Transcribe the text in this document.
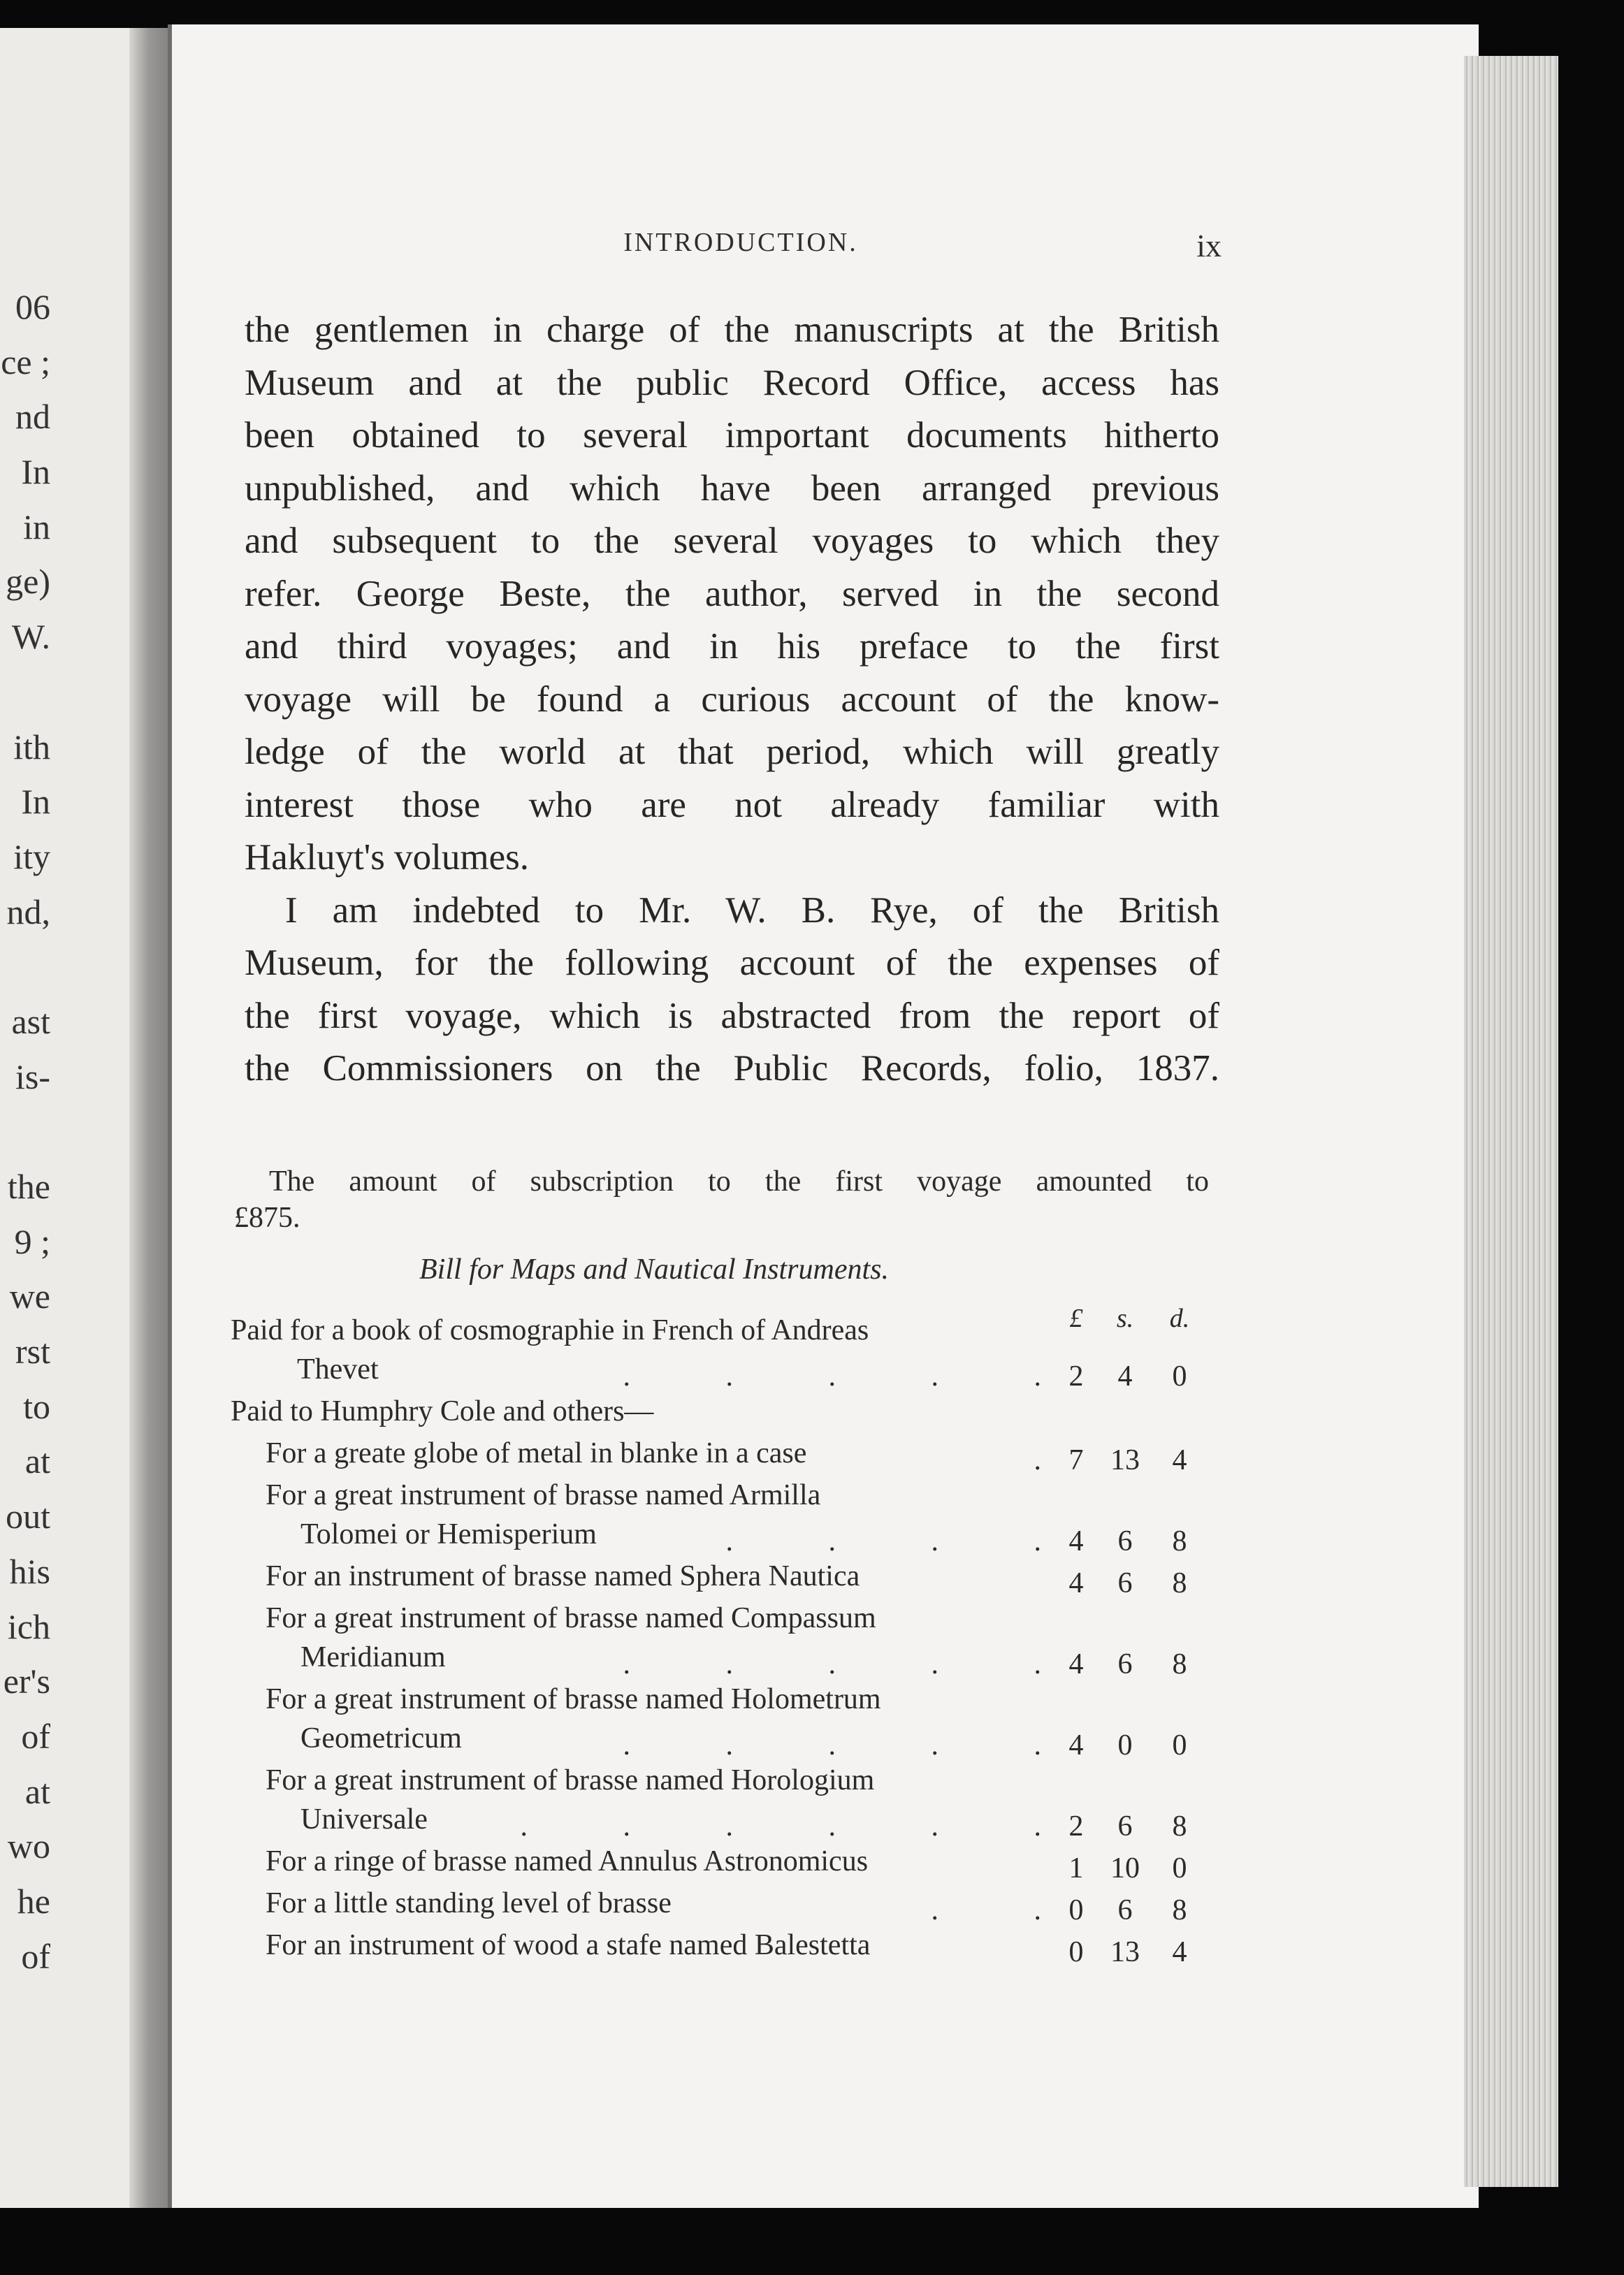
06
ce ;
nd
In
in
ge)
W.
ith
In
ity
nd,
ast
is-
the
9 ;
we
rst
to
at
out
his
ich
er's
of
at
wo
he
of
INTRODUCTION.	ix
the gentlemen in charge of the manuscripts at the British
Museum and at the public Record Office, access has
been obtained to several important documents hitherto
unpublished, and which have been arranged previous
and subsequent to the several voyages to which they
refer. George Beste, the author, served in the second
and third voyages; and in his preface to the first
voyage will be found a curious account of the know-
ledge of the world at that period, which will greatly
interest those who are not already familiar with
Hakluyt's volumes.
I am indebted to Mr. W. B. Rye, of the British
Museum, for the following account of the expenses of
the first voyage, which is abstracted from the report of
the Commissioners on the Public Records, folio, 1837.
The amount of subscription to the first voyage amounted to
£875.
Bill for Maps and Nautical Instruments.
£	s.	d.
Paid for a book of cosmographie in French of Andreas
Thevet	.             .             .             .             . 2	4	0
Paid to Humphry Cole and others—
For a greate globe of metal in blanke in a case	. 7 13	4
For a great instrument of brasse named Armilla
Tolomei or Hemisperium	.             .             .             . 4	6	8
For an instrument of brasse named Sphera Nautica	4	6	8
For a great instrument of brasse named Compassum
Meridianum	.             .             .             .             . 4	6	8
For a great instrument of brasse named Holometrum
Geometricum	.             .             .             .             . 4	0	0
For a great instrument of brasse named Horologium
Universale	.             .             .             .             .             . 2	6	8
For a ringe of brasse named Annulus Astronomicus	1 10	0
For a little standing level of brasse	.             . 0	6	8
For an instrument of wood a stafe named Balestetta	0 13	4
